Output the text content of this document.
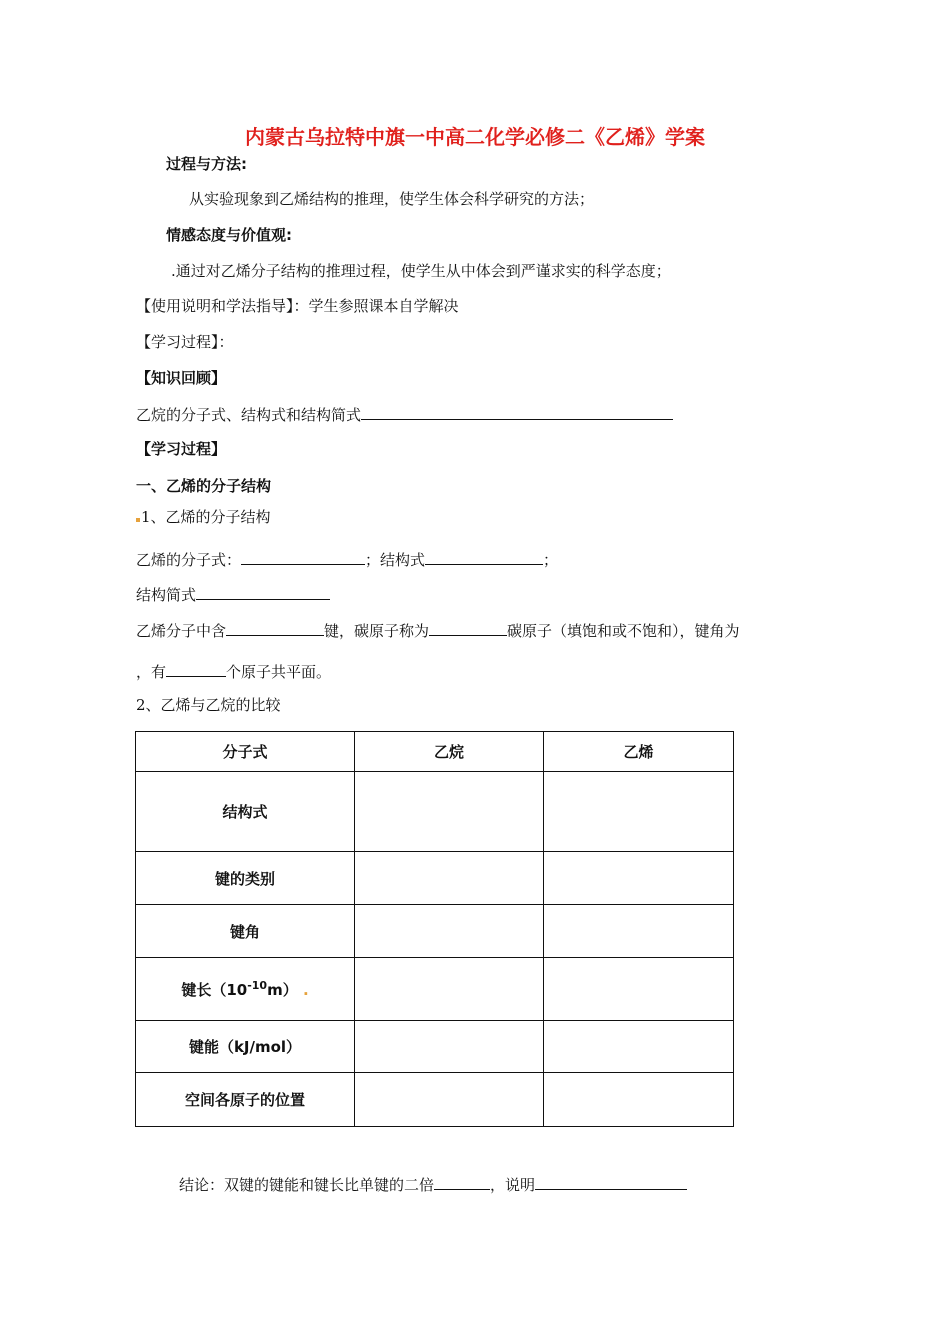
内蒙古乌拉特中旗一中高二化学必修二《乙烯》学案
过程与方法:
从实验现象到乙烯结构的推理，使学生体会科学研究的方法；
情感态度与价值观:
.通过对乙烯分子结构的推理过程，使学生从中体会到严谨求实的科学态度；
【使用说明和学法指导】：学生参照课本自学解决
【学习过程】：
【知识回顾】
乙烷的分子式、结构式和结构简式
【学习过程】
一、乙烯的分子结构
1、乙烯的分子结构
乙烯的分子式：	；结构式	；
结构简式
乙烯分子中含	键，碳原子称为	碳原子（填饱和或不饱和），键角为
，有	个原子共平面。
2、乙烯与乙烷的比较
分子式	乙烷	乙烯
结构式		
键的类别		
键角		
键长$(10^{-10}m)$ .		
键能（kJ/mol）		
空间各原子的位置		
结论：双键的键能和键长比单键的二倍	，说明
